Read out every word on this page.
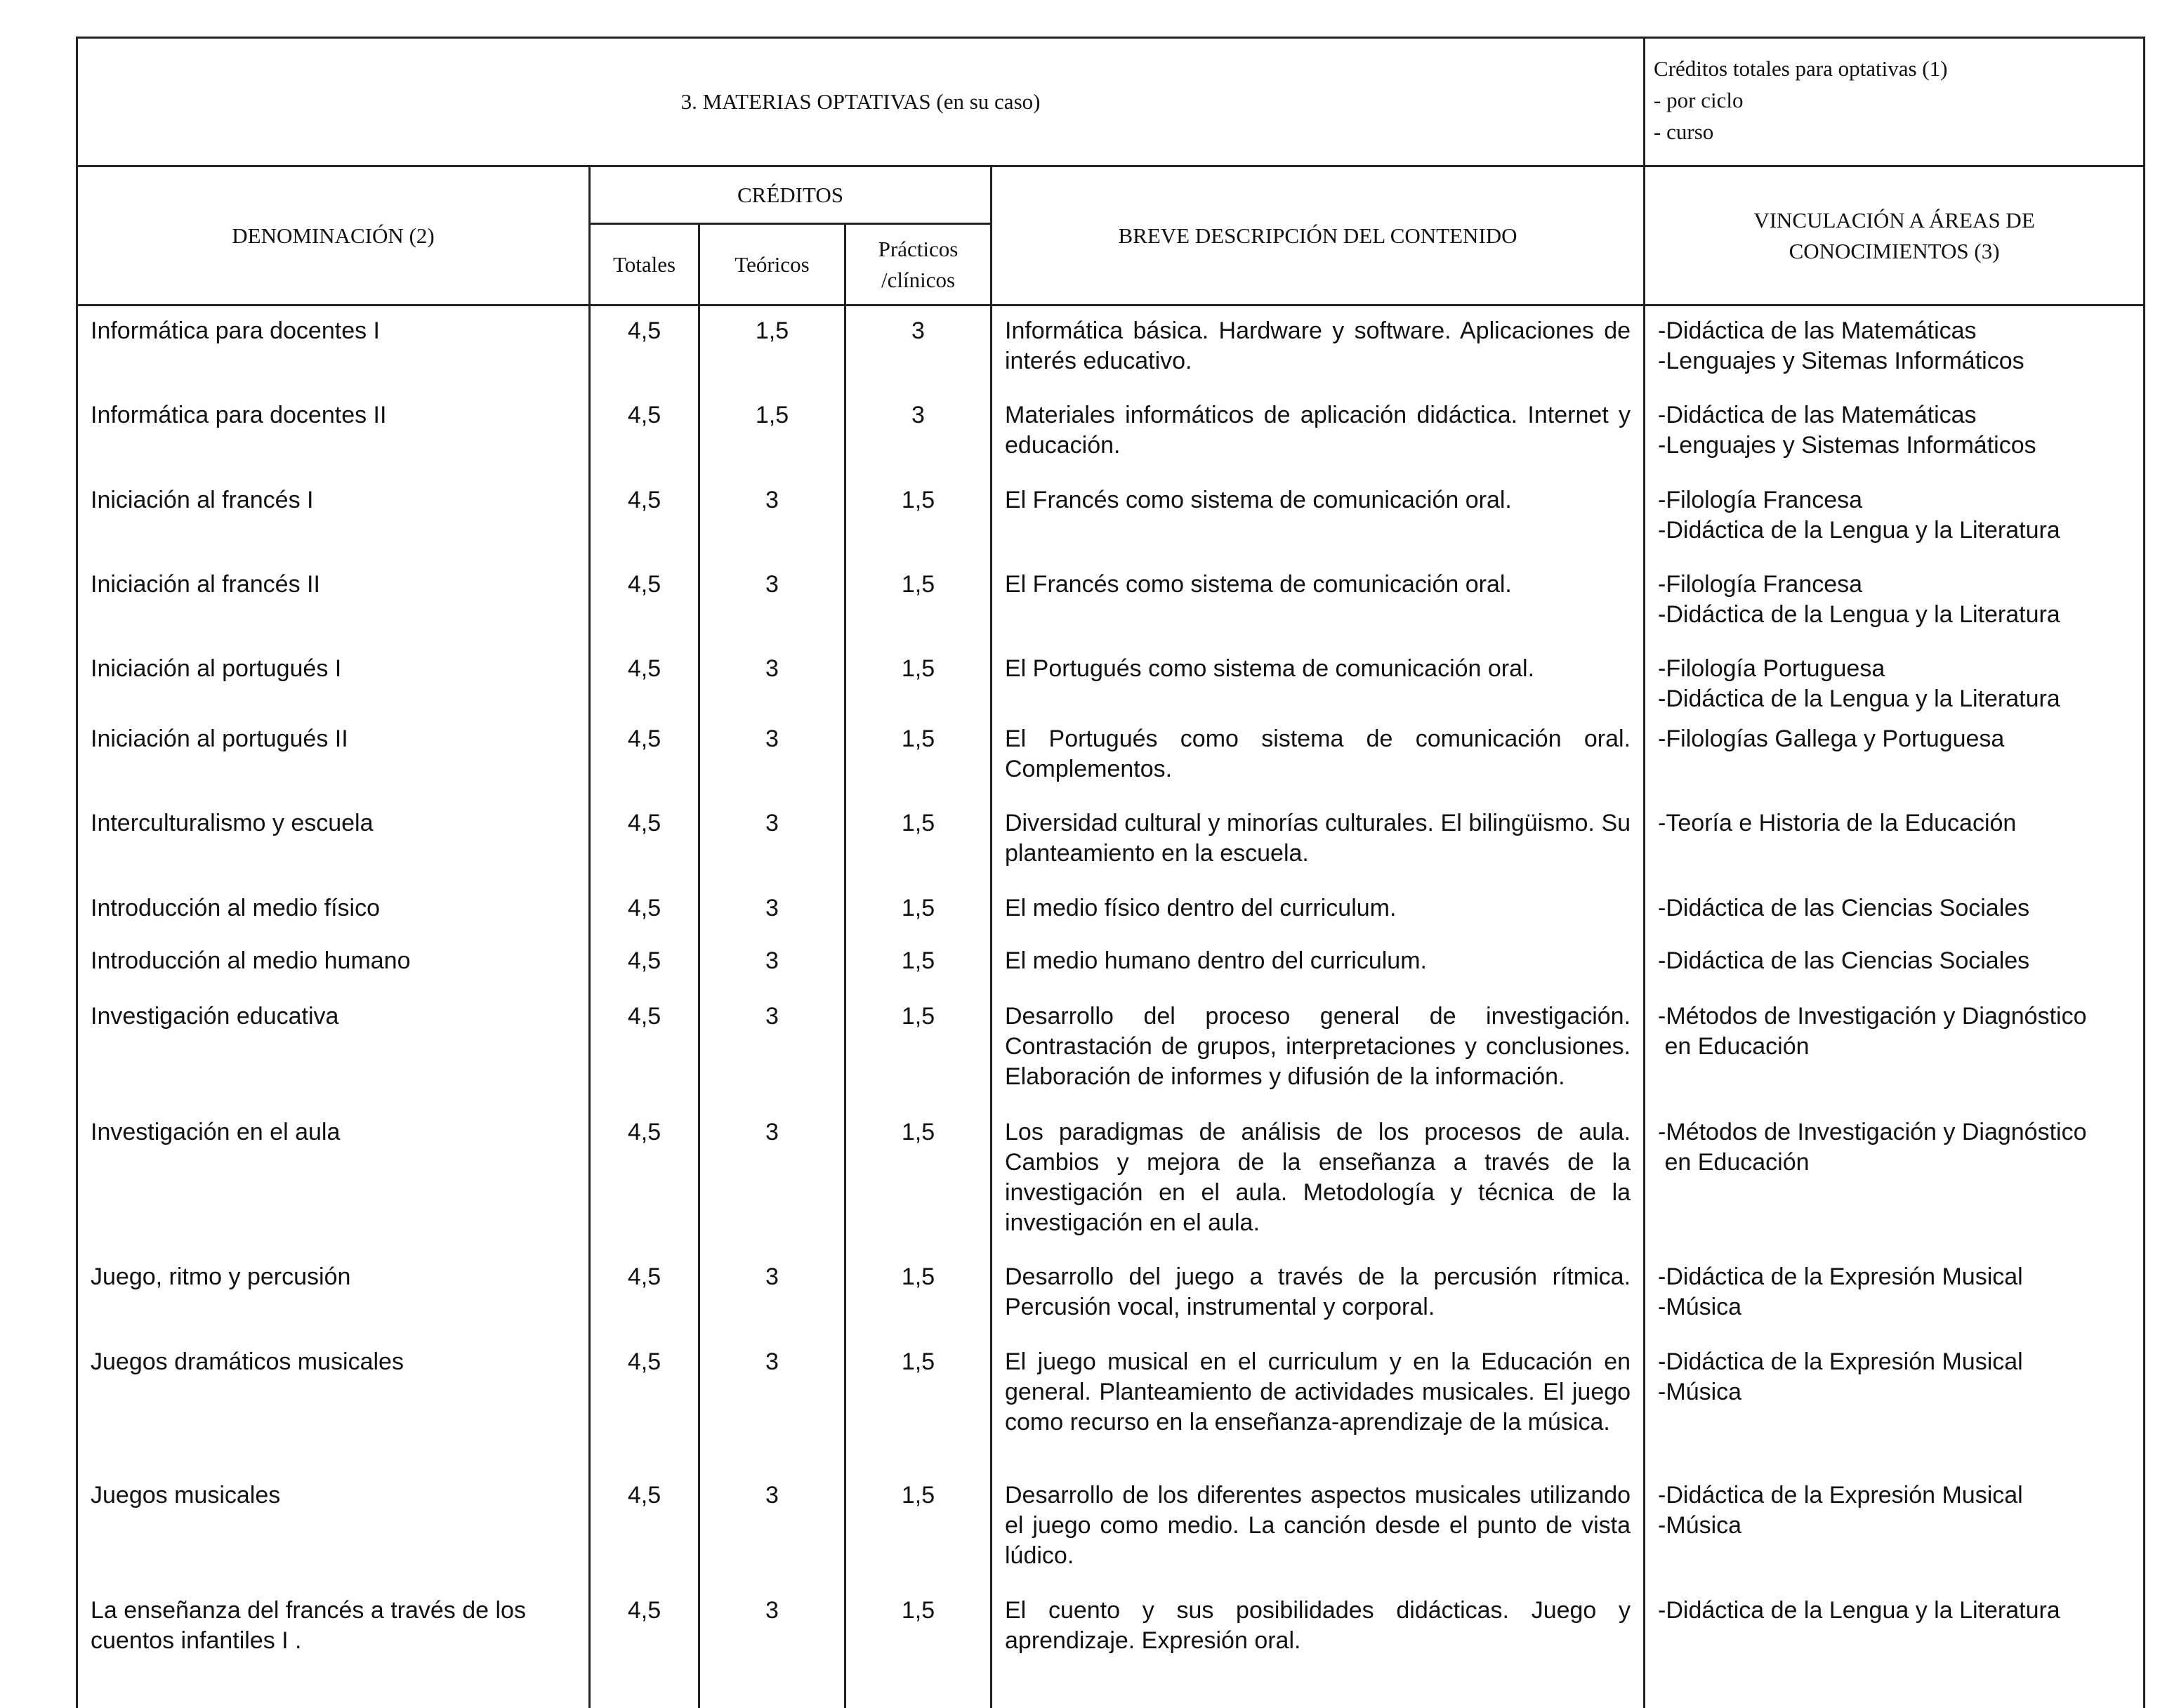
3. MATERIAS OPTATIVAS (en su caso)					Créditos totales para optativas (1)
- por ciclo
- curso

DENOMINACIÓN (2)	CRÉDITOS			BREVE DESCRIPCIÓN DEL CONTENIDO	VINCULACIÓN A ÁREAS DE
CONOCIMIENTOS (3)

	Totales	Teóricos	Prácticos
/clínicos		

Informática para docentes I	4,5	1,5	3	Informática básica. Hardware y software. Aplicaciones de interés educativo.	-Didáctica de las Matemáticas
-Lenguajes y Sitemas Informáticos

Informática para docentes II	4,5	1,5	3	Materiales informáticos de aplicación didáctica. Internet y educación.	-Didáctica de las Matemáticas
-Lenguajes y Sistemas Informáticos

Iniciación al francés I	4,5	3	1,5	El Francés como sistema de comunicación oral.	-Filología Francesa
-Didáctica de la Lengua y la Literatura

Iniciación al francés II	4,5	3	1,5	El Francés como sistema de comunicación oral.	-Filología Francesa
-Didáctica de la Lengua y la Literatura

Iniciación al portugués I	4,5	3	1,5	El Portugués como sistema de comunicación oral.	-Filología Portuguesa
-Didáctica de la Lengua y la Literatura

Iniciación al portugués II	4,5	3	1,5	El Portugués como sistema de comunicación oral. Complementos.	-Filologías Gallega y Portuguesa

Interculturalismo y escuela	4,5	3	1,5	Diversidad cultural y minorías culturales. El bilingüismo. Su planteamiento en la escuela.	-Teoría e Historia de la Educación

Introducción al medio físico	4,5	3	1,5	El medio físico dentro del curriculum.	-Didáctica de las Ciencias Sociales

Introducción al medio humano	4,5	3	1,5	El medio humano dentro del curriculum.	-Didáctica de las Ciencias Sociales

Investigación educativa	4,5	3	1,5	Desarrollo del proceso general de investigación. Contrastación de grupos, interpretaciones y conclusiones. Elaboración de informes y difusión de la información.	-Métodos de Investigación y Diagnóstico
en Educación

Investigación en el aula	4,5	3	1,5	Los paradigmas de análisis de los procesos de aula. Cambios y mejora de la enseñanza a través de la investigación en el aula. Metodología y técnica de la investigación en el aula.	-Métodos de Investigación y Diagnóstico
en Educación

Juego, ritmo y percusión	4,5	3	1,5	Desarrollo del juego a través de la percusión rítmica. Percusión vocal, instrumental y corporal.	-Didáctica de la Expresión Musical
-Música

Juegos dramáticos musicales	4,5	3	1,5	El juego musical en el curriculum y en la Educación en general. Planteamiento de actividades musicales. El juego como recurso en la enseñanza-aprendizaje de la música.	-Didáctica de la Expresión Musical
-Música

Juegos musicales	4,5	3	1,5	Desarrollo de los diferentes aspectos musicales utilizando el juego como medio. La canción desde el punto de vista lúdico.	-Didáctica de la Expresión Musical
-Música

La enseñanza del francés a través de los cuentos infantiles I .	4,5	3	1,5	El cuento y sus posibilidades didácticas. Juego y aprendizaje. Expresión oral.	-Didáctica de la Lengua y la Literatura
